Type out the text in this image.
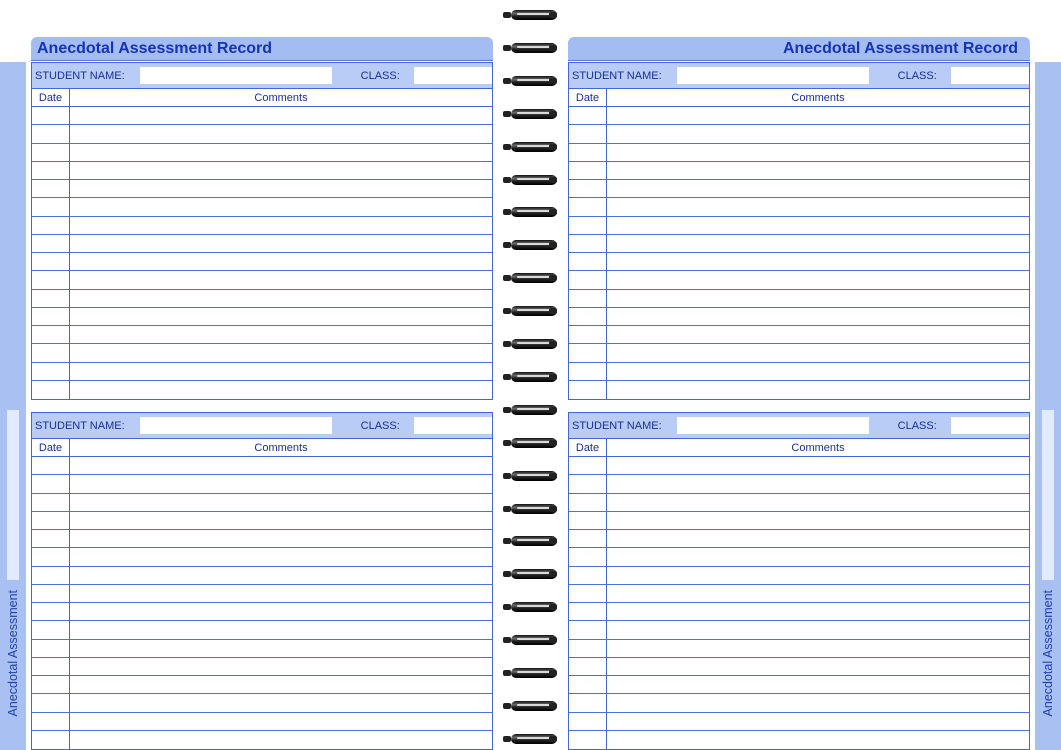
Anecdotal Assessment	Anecdotal Assessment
Anecdotal Assessment Record	Anecdotal Assessment Record
STUDENT NAME:	CLASS:
Date	Comments
STUDENT NAME:	CLASS:
Date	Comments
STUDENT NAME:	CLASS:
Date	Comments
STUDENT NAME:	CLASS:
Date	Comments
